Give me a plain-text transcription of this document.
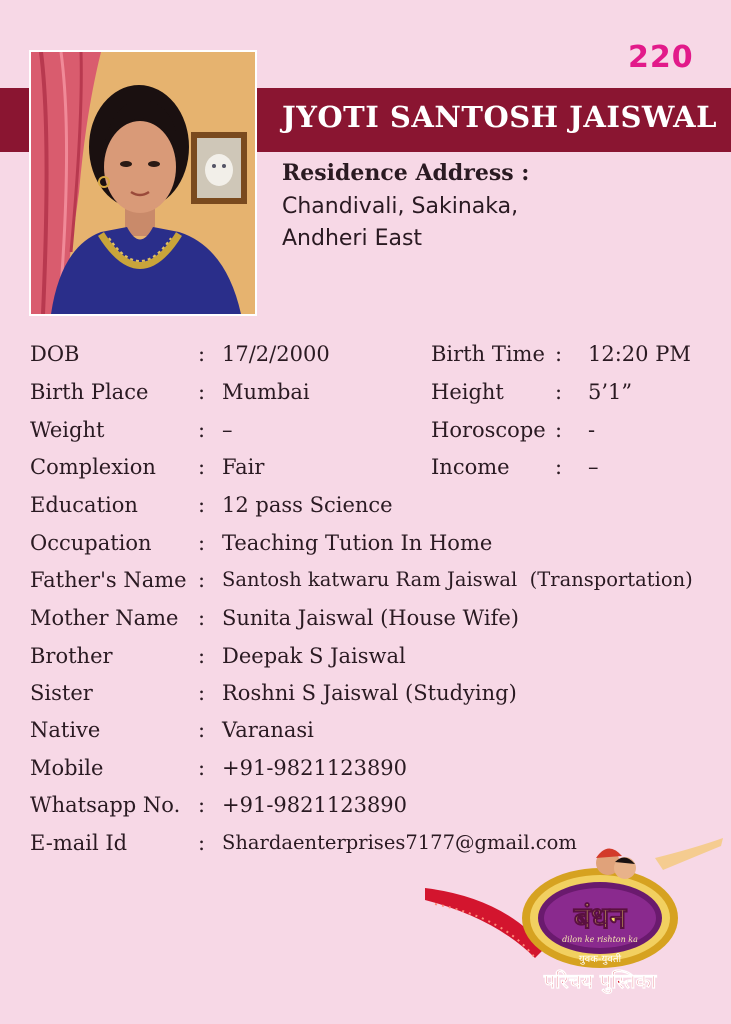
220
JYOTI SANTOSH JAISWAL
Residence Address :
Chandivali, Sakinaka,
Andheri East
DOB	: 17/2/2000	Birth Time : 12:20 PM
Birth Place : Mumbai	Height : 5’1”
Weight	: –	Horoscope : -
Complexion : Fair	Income : –
Education	: 12 pass Science
Occupation : Teaching Tution In Home
Father's Name : Santosh katwaru Ram Jaiswal  (Transportation)
Mother Name : Sunita Jaiswal (House Wife)
Brother	: Deepak S Jaiswal
Sister	: Roshni S Jaiswal (Studying)
Native	: Varanasi
Mobile	: +91-9821123890
Whatsapp No. : +91-9821123890
E-mail Id	: Shardaenterprises7177@gmail.com
बंधन
dilon ke rishton ka
युवक-युवती
परिचय पुस्तिका
